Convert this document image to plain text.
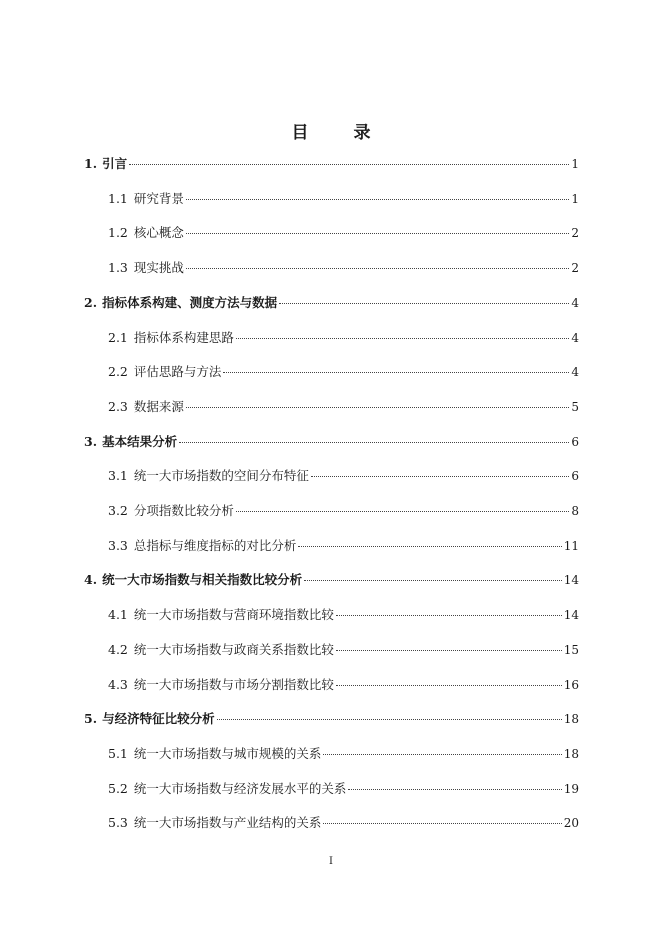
目　录
1. 引言	1
1.1 研究背景	1
1.2 核心概念	2
1.3 现实挑战	2
2. 指标体系构建、测度方法与数据	4
2.1 指标体系构建思路	4
2.2 评估思路与方法	4
2.3 数据来源	5
3. 基本结果分析	6
3.1 统一大市场指数的空间分布特征	6
3.2 分项指数比较分析	8
3.3 总指标与维度指标的对比分析	11
4. 统一大市场指数与相关指数比较分析	14
4.1 统一大市场指数与营商环境指数比较	14
4.2 统一大市场指数与政商关系指数比较	15
4.3 统一大市场指数与市场分割指数比较	16
5. 与经济特征比较分析	18
5.1 统一大市场指数与城市规模的关系	18
5.2 统一大市场指数与经济发展水平的关系	19
5.3 统一大市场指数与产业结构的关系	20
I
